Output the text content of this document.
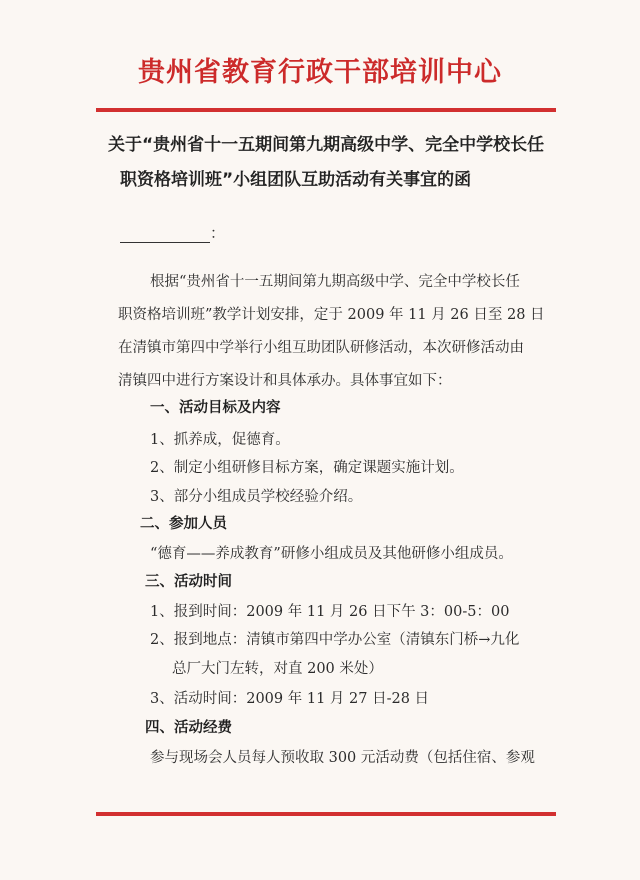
贵州省教育行政干部培训中心
关于“贵州省十一五期间第九期高级中学、完全中学校长任
职资格培训班”小组团队互助活动有关事宜的函
：
根据“贵州省十一五期间第九期高级中学、完全中学校长任
职资格培训班”教学计划安排，定于 2009 年 11 月 26 日至 28 日
在清镇市第四中学举行小组互助团队研修活动，本次研修活动由
清镇四中进行方案设计和具体承办。具体事宜如下：
一、活动目标及内容
1、抓养成，促德育。
2、制定小组研修目标方案，确定课题实施计划。
3、部分小组成员学校经验介绍。
二、参加人员
“德育——养成教育”研修小组成员及其他研修小组成员。
三、活动时间
1、报到时间：2009 年 11 月 26 日下午 3：00-5：00
2、报到地点：清镇市第四中学办公室（清镇东门桥→九化
总厂大门左转，对直 200 米处）
3、活动时间：2009 年 11 月 27 日-28 日
四、活动经费
参与现场会人员每人预收取 300 元活动费（包括住宿、参观
